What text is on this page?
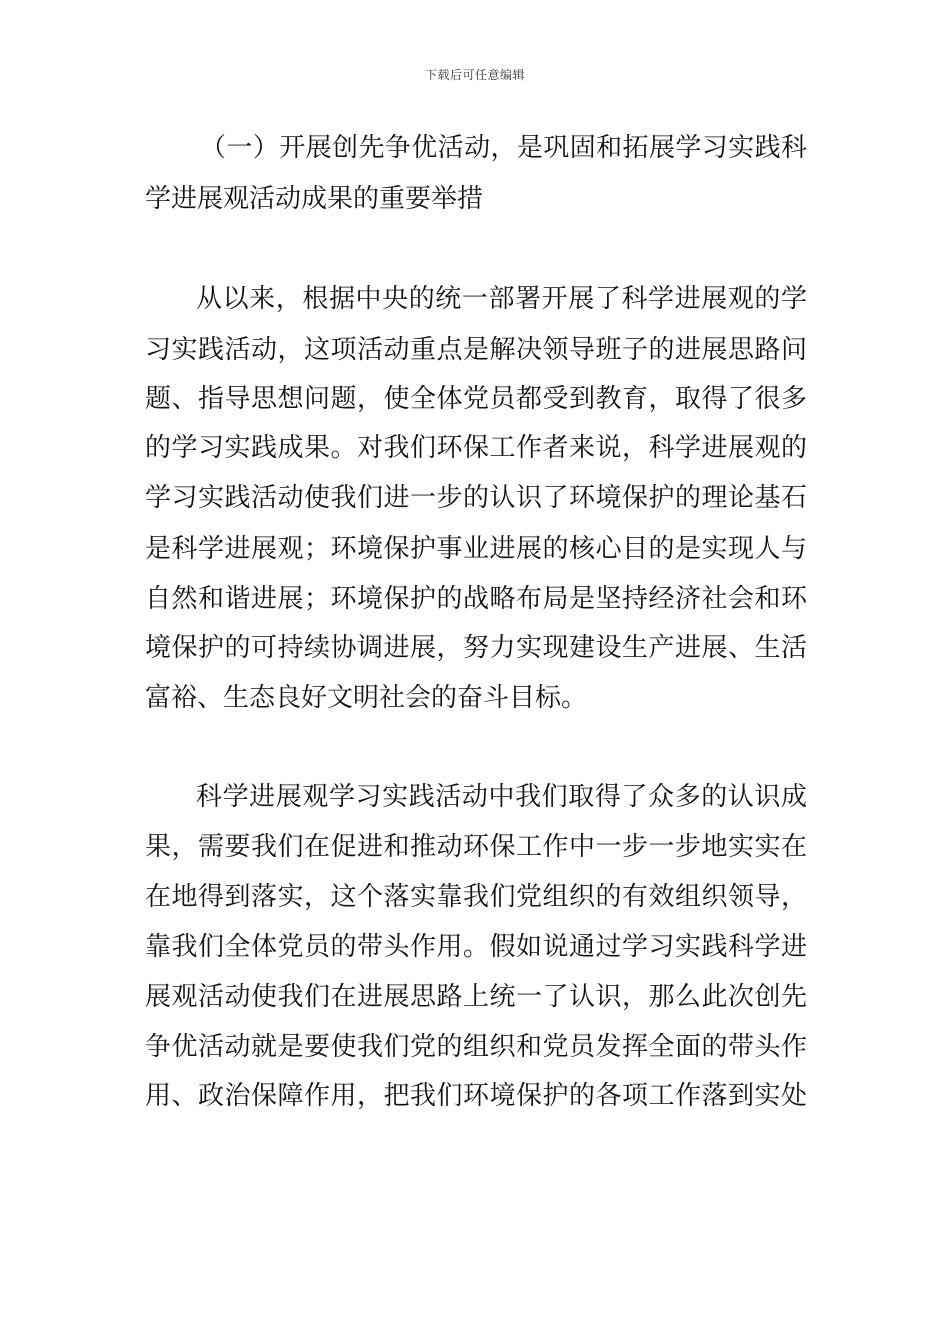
下载后可任意编辑
（一）开展创先争优活动，是巩固和拓展学习实践科
学进展观活动成果的重要举措
从以来，根据中央的统一部署开展了科学进展观的学
习实践活动，这项活动重点是解决领导班子的进展思路问
题、指导思想问题，使全体党员都受到教育，取得了很多
的学习实践成果。对我们环保工作者来说，科学进展观的
学习实践活动使我们进一步的认识了环境保护的理论基石
是科学进展观；环境保护事业进展的核心目的是实现人与
自然和谐进展；环境保护的战略布局是坚持经济社会和环
境保护的可持续协调进展，努力实现建设生产进展、生活
富裕、生态良好文明社会的奋斗目标。
科学进展观学习实践活动中我们取得了众多的认识成
果，需要我们在促进和推动环保工作中一步一步地实实在
在地得到落实，这个落实靠我们党组织的有效组织领导，
靠我们全体党员的带头作用。假如说通过学习实践科学进
展观活动使我们在进展思路上统一了认识，那么此次创先
争优活动就是要使我们党的组织和党员发挥全面的带头作
用、政治保障作用，把我们环境保护的各项工作落到实处
